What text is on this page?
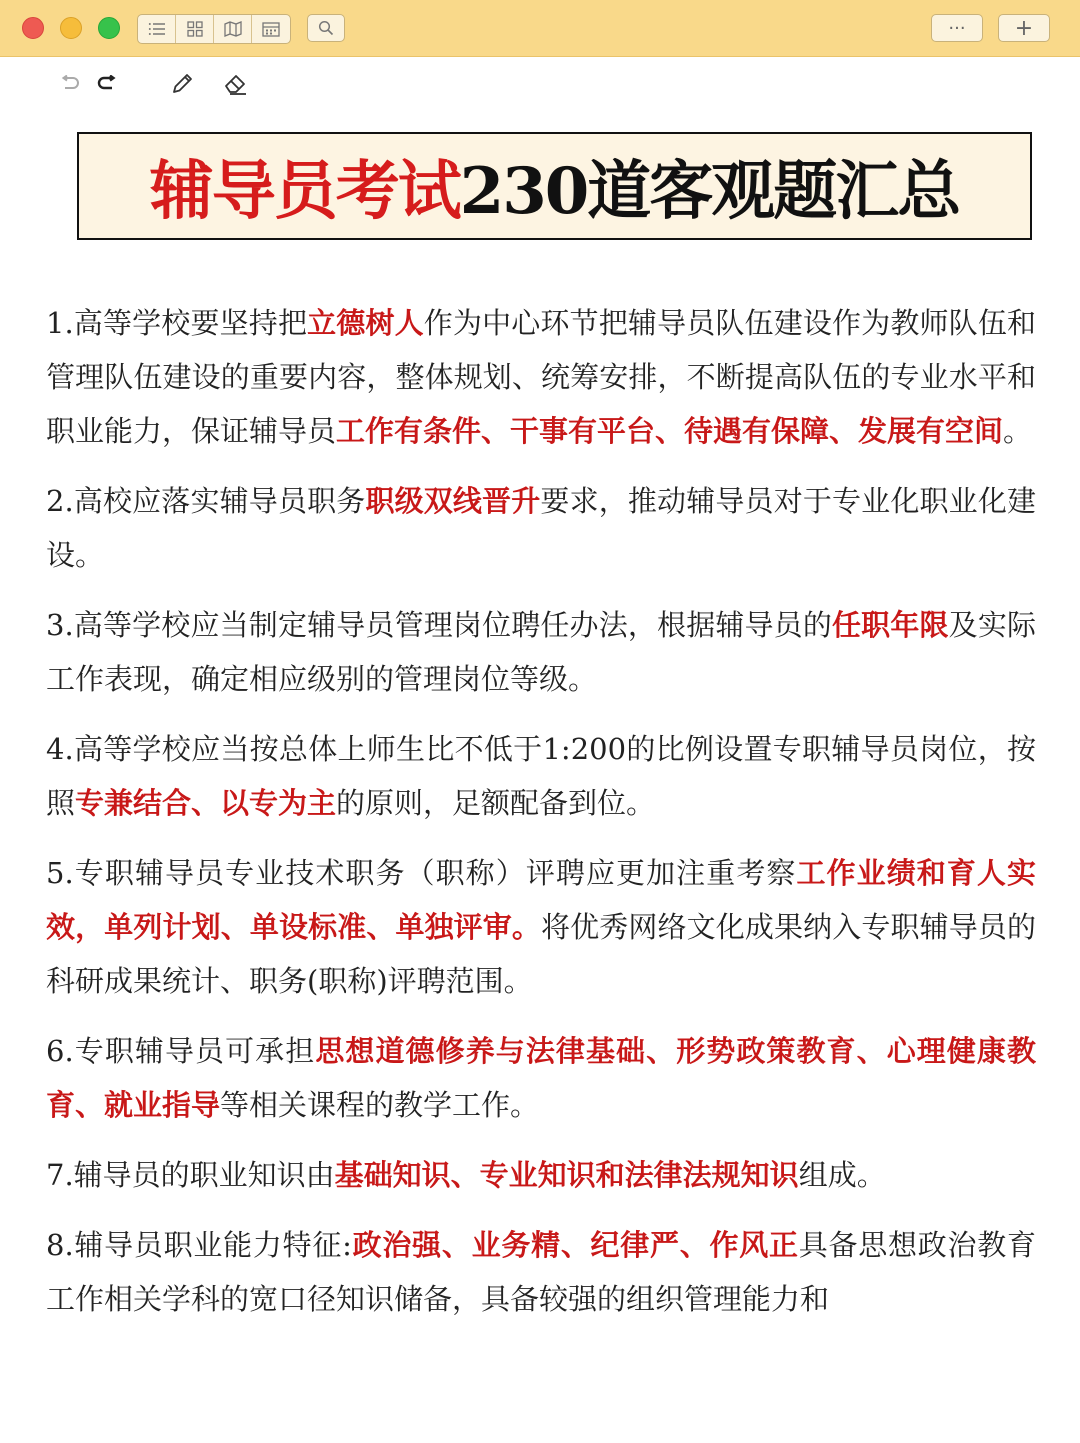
···	+
辅导员考试 230道客观题汇总

1.高等学校要坚持把立德树人作为中心环节把辅导员队伍建设作为教师队伍和管理队伍建设的重要内容，整体规划、统筹安排，不断提高队伍的专业水平和职业能力，保证辅导员工作有条件、干事有平台、待遇有保障、发展有空间。

2.高校应落实辅导员职务职级双线晋升要求，推动辅导员对于专业化职业化建设。

3.高等学校应当制定辅导员管理岗位聘任办法，根据辅导员的任职年限及实际工作表现，确定相应级别的管理岗位等级。

4.高等学校应当按总体上师生比不低于1:200的比例设置专职辅导员岗位，按照专兼结合、以专为主的原则，足额配备到位。

5.专职辅导员专业技术职务（职称）评聘应更加注重考察工作业绩和育人实效，单列计划、单设标准、单独评审。将优秀网络文化成果纳入专职辅导员的科研成果统计、职务(职称)评聘范围。

6.专职辅导员可承担思想道德修养与法律基础、形势政策教育、心理健康教育、就业指导等相关课程的教学工作。

7.辅导员的职业知识由基础知识、专业知识和法律法规知识组成。

8.辅导员职业能力特征:政治强、业务精、纪律严、作风正具备思想政治教育工作相关学科的宽口径知识储备，具备较强的组织管理能力和
